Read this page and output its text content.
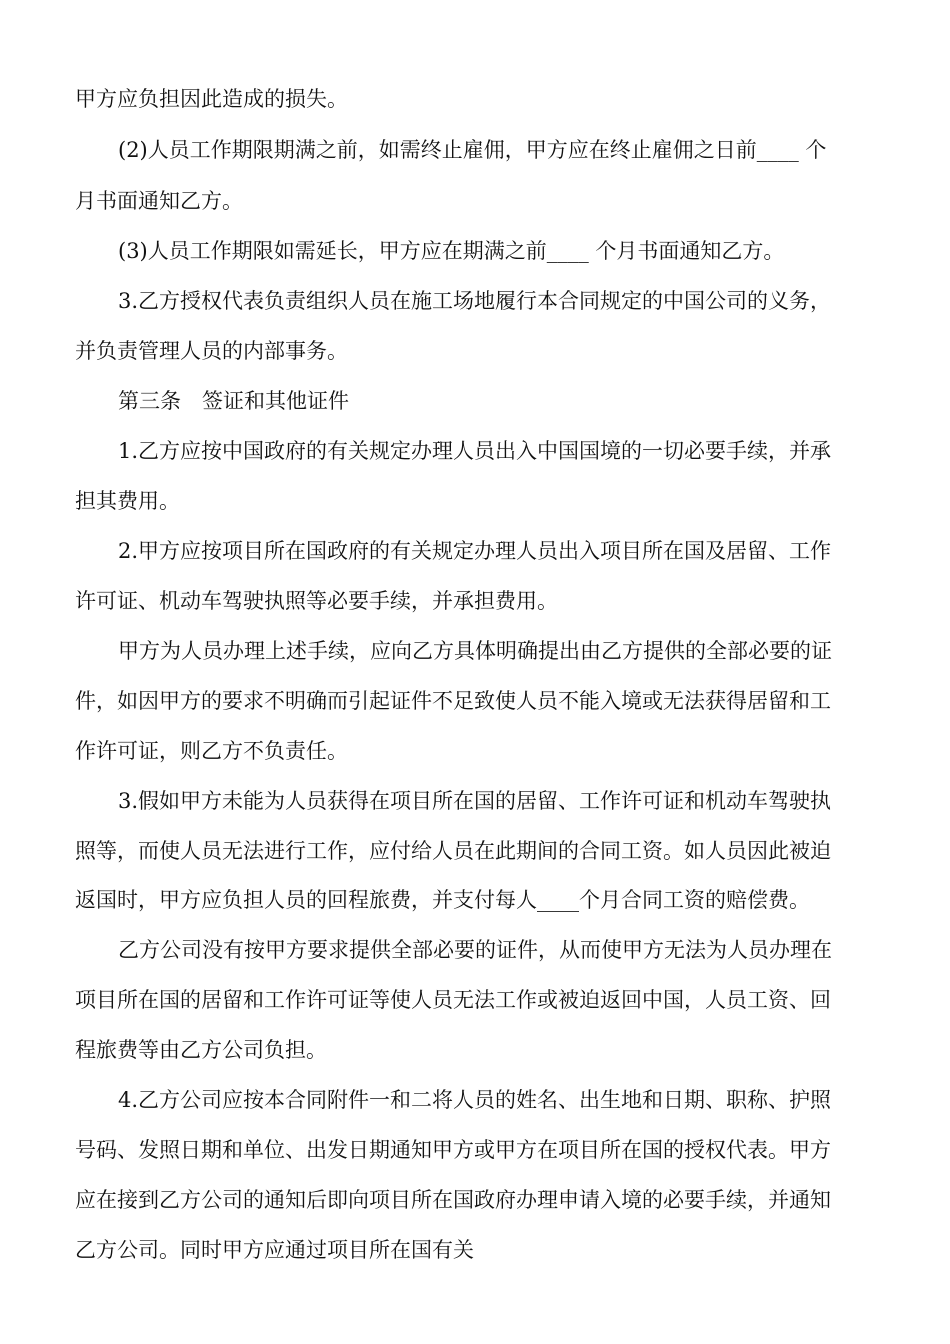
甲方应负担因此造成的损失。
(2)人员工作期限期满之前，如需终止雇佣，甲方应在终止雇佣之日前____ 个
月书面通知乙方。
(3)人员工作期限如需延长，甲方应在期满之前____ 个月书面通知乙方。
3.乙方授权代表负责组织人员在施工场地履行本合同规定的中国公司的义务，
并负责管理人员的内部事务。
第三条　签证和其他证件
1.乙方应按中国政府的有关规定办理人员出入中国国境的一切必要手续，并承
担其费用。
2.甲方应按项目所在国政府的有关规定办理人员出入项目所在国及居留、工作
许可证、机动车驾驶执照等必要手续，并承担费用。
甲方为人员办理上述手续，应向乙方具体明确提出由乙方提供的全部必要的证
件，如因甲方的要求不明确而引起证件不足致使人员不能入境或无法获得居留和工
作许可证，则乙方不负责任。
3.假如甲方未能为人员获得在项目所在国的居留、工作许可证和机动车驾驶执
照等，而使人员无法进行工作，应付给人员在此期间的合同工资。如人员因此被迫
返国时，甲方应负担人员的回程旅费，并支付每人____个月合同工资的赔偿费。
乙方公司没有按甲方要求提供全部必要的证件，从而使甲方无法为人员办理在
项目所在国的居留和工作许可证等使人员无法工作或被迫返回中国，人员工资、回
程旅费等由乙方公司负担。
4.乙方公司应按本合同附件一和二将人员的姓名、出生地和日期、职称、护照
号码、发照日期和单位、出发日期通知甲方或甲方在项目所在国的授权代表。甲方
应在接到乙方公司的通知后即向项目所在国政府办理申请入境的必要手续，并通知
乙方公司。同时甲方应通过项目所在国有关
